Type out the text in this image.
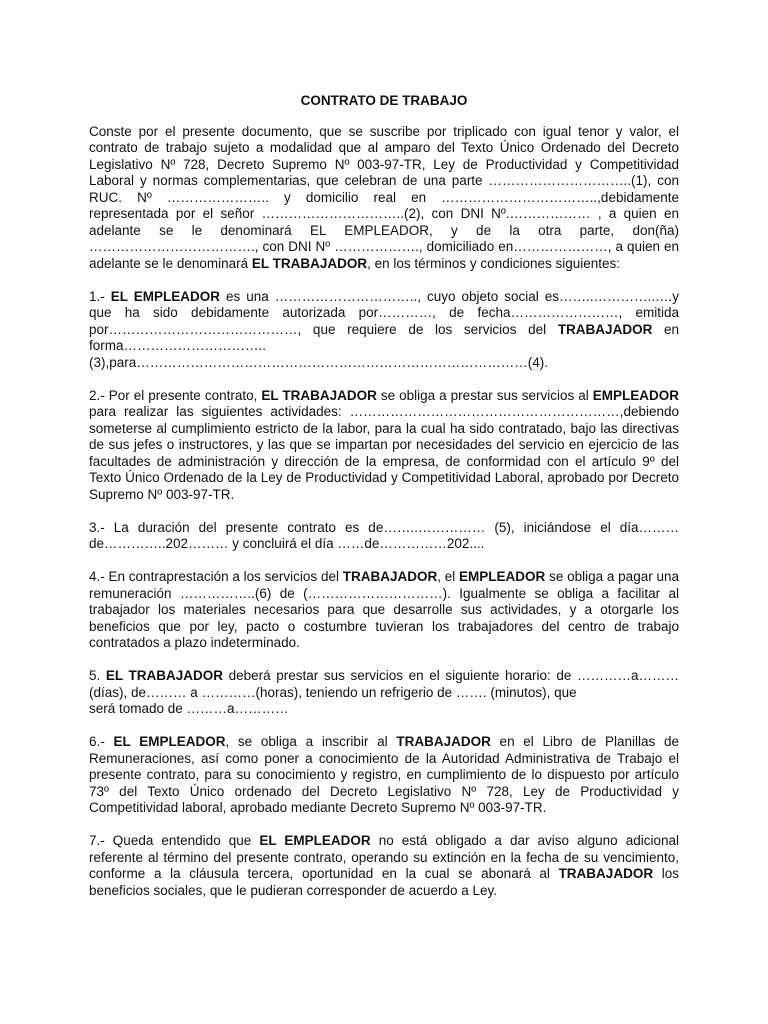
CONTRATO DE TRABAJO
Conste por el presente documento, que se suscribe por triplicado con igual tenor y valor, el contrato de trabajo sujeto a modalidad que al amparo del Texto Único Ordenado del Decreto Legislativo Nº 728, Decreto Supremo Nº 003-97-TR, Ley de Productividad y Competitividad Laboral y normas complementarias, que celebran de una parte …………………………..(1), con RUC. Nº ………………….. y domicilio real en ……………………………..,debidamente representada por el señor …………………………..(2), con DNI Nº.……………… , a quien en adelante se le denominará EL EMPLEADOR, y de la otra parte, don(ña) ………………………………., con DNI Nº ………………., domiciliado en…………………, a quien en adelante se le denominará EL TRABAJADOR, en los términos y condiciones siguientes:
1.- EL EMPLEADOR es una ………………………….., cuyo objeto social es……..…………..….y que ha sido debidamente autorizada por…………, de fecha……………………, emitida por……………………………………, que requiere de los servicios del TRABAJADOR en forma…………………………..
(3),para……………………………………………………………………………(4).
2.- Por el presente contrato, EL TRABAJADOR se obliga a prestar sus servicios al EMPLEADOR para realizar las siguientes actividades: ……………………………………………………,debiendo someterse al cumplimiento estricto de la labor, para la cual ha sido contratado, bajo las directivas de sus jefes o instructores, y las que se impartan por necesidades del servicio en ejercicio de las facultades de administración y dirección de la empresa, de conformidad con el artículo 9º del Texto Único Ordenado de la Ley de Productividad y Competitividad Laboral, aprobado por Decreto Supremo Nº 003-97-TR.
3.- La duración del presente contrato es de……..…………… (5), iniciándose el día……… de…………..202……… y concluirá el día ……de……………202....
4.- En contraprestación a los servicios del TRABAJADOR, el EMPLEADOR se obliga a pagar una remuneración ……………..(6) de (…………………………). Igualmente se obliga a facilitar al trabajador los materiales necesarios para que desarrolle sus actividades, y a otorgarle los beneficios que por ley, pacto o costumbre tuvieran los trabajadores del centro de trabajo contratados a plazo indeterminado.
5. EL TRABAJADOR deberá prestar sus servicios en el siguiente horario: de …………a……… (días), de……… a …………(horas), teniendo un refrigerio de ……. (minutos), que
será tomado de ………a…………
6.- EL EMPLEADOR, se obliga a inscribir al TRABAJADOR en el Libro de Planillas de Remuneraciones, así como poner a conocimiento de la Autoridad Administrativa de Trabajo el presente contrato, para su conocimiento y registro, en cumplimiento de lo dispuesto por artículo 73º del Texto Único ordenado del Decreto Legislativo Nº 728, Ley de Productividad y Competitividad laboral, aprobado mediante Decreto Supremo Nº 003-97-TR.
7.- Queda entendido que EL EMPLEADOR no está obligado a dar aviso alguno adicional referente al término del presente contrato, operando su extinción en la fecha de su vencimiento, conforme a la cláusula tercera, oportunidad en la cual se abonará al TRABAJADOR los beneficios sociales, que le pudieran corresponder de acuerdo a Ley.
